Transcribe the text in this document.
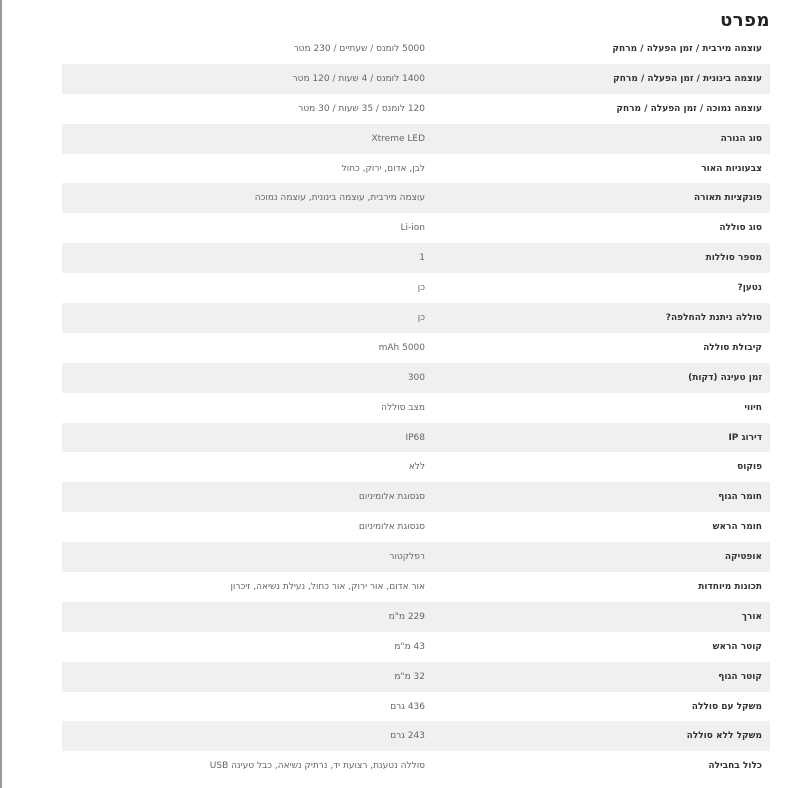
מפרט
עוצמה מירבית / זמן הפעלה / מרחק
5000 לומנס / שעתיים / 230 מטר
עוצמה בינונית / זמן הפעלה / מרחק
1400 לומנס / 4 שעות / 120 מטר
עוצמה נמוכה / זמן הפעלה / מרחק
120 לומנס / 35 שעות / 30 מטר
סוג הנורה
Xtreme LED
צבעוניות האור
לבן, אדום, ירוק, כחול
פונקציות תאורה
עוצמה מירבית, עוצמה בינונית, עוצמה נמוכה
סוג סוללה
Li-ion
מספר סוללות
1
נטען?
כן
סוללה ניתנת להחלפה?
כן
קיבולת סוללה
5000 mAh
זמן טעינה (דקות)
300
חיווי
מצב סוללה
דירוג IP
IP68
פוקוס
ללא
חומר הגוף
סגסוגת אלומיניום
חומר הראש
סגסוגת אלומיניום
אופטיקה
רפלקטור
תכונות מיוחדות
אור אדום, אור ירוק, אור כחול, נעילת נשיאה, זיכרון
אורך
229 מ"מ
קוטר הראש
43 מ"מ
קוטר הגוף
32 מ"מ
משקל עם סוללה
436 גרם
משקל ללא סוללה
243 גרם
כלול בחבילה
סוללה נטענת, רצועת יד, נרתיק נשיאה, כבל טעינה USB
